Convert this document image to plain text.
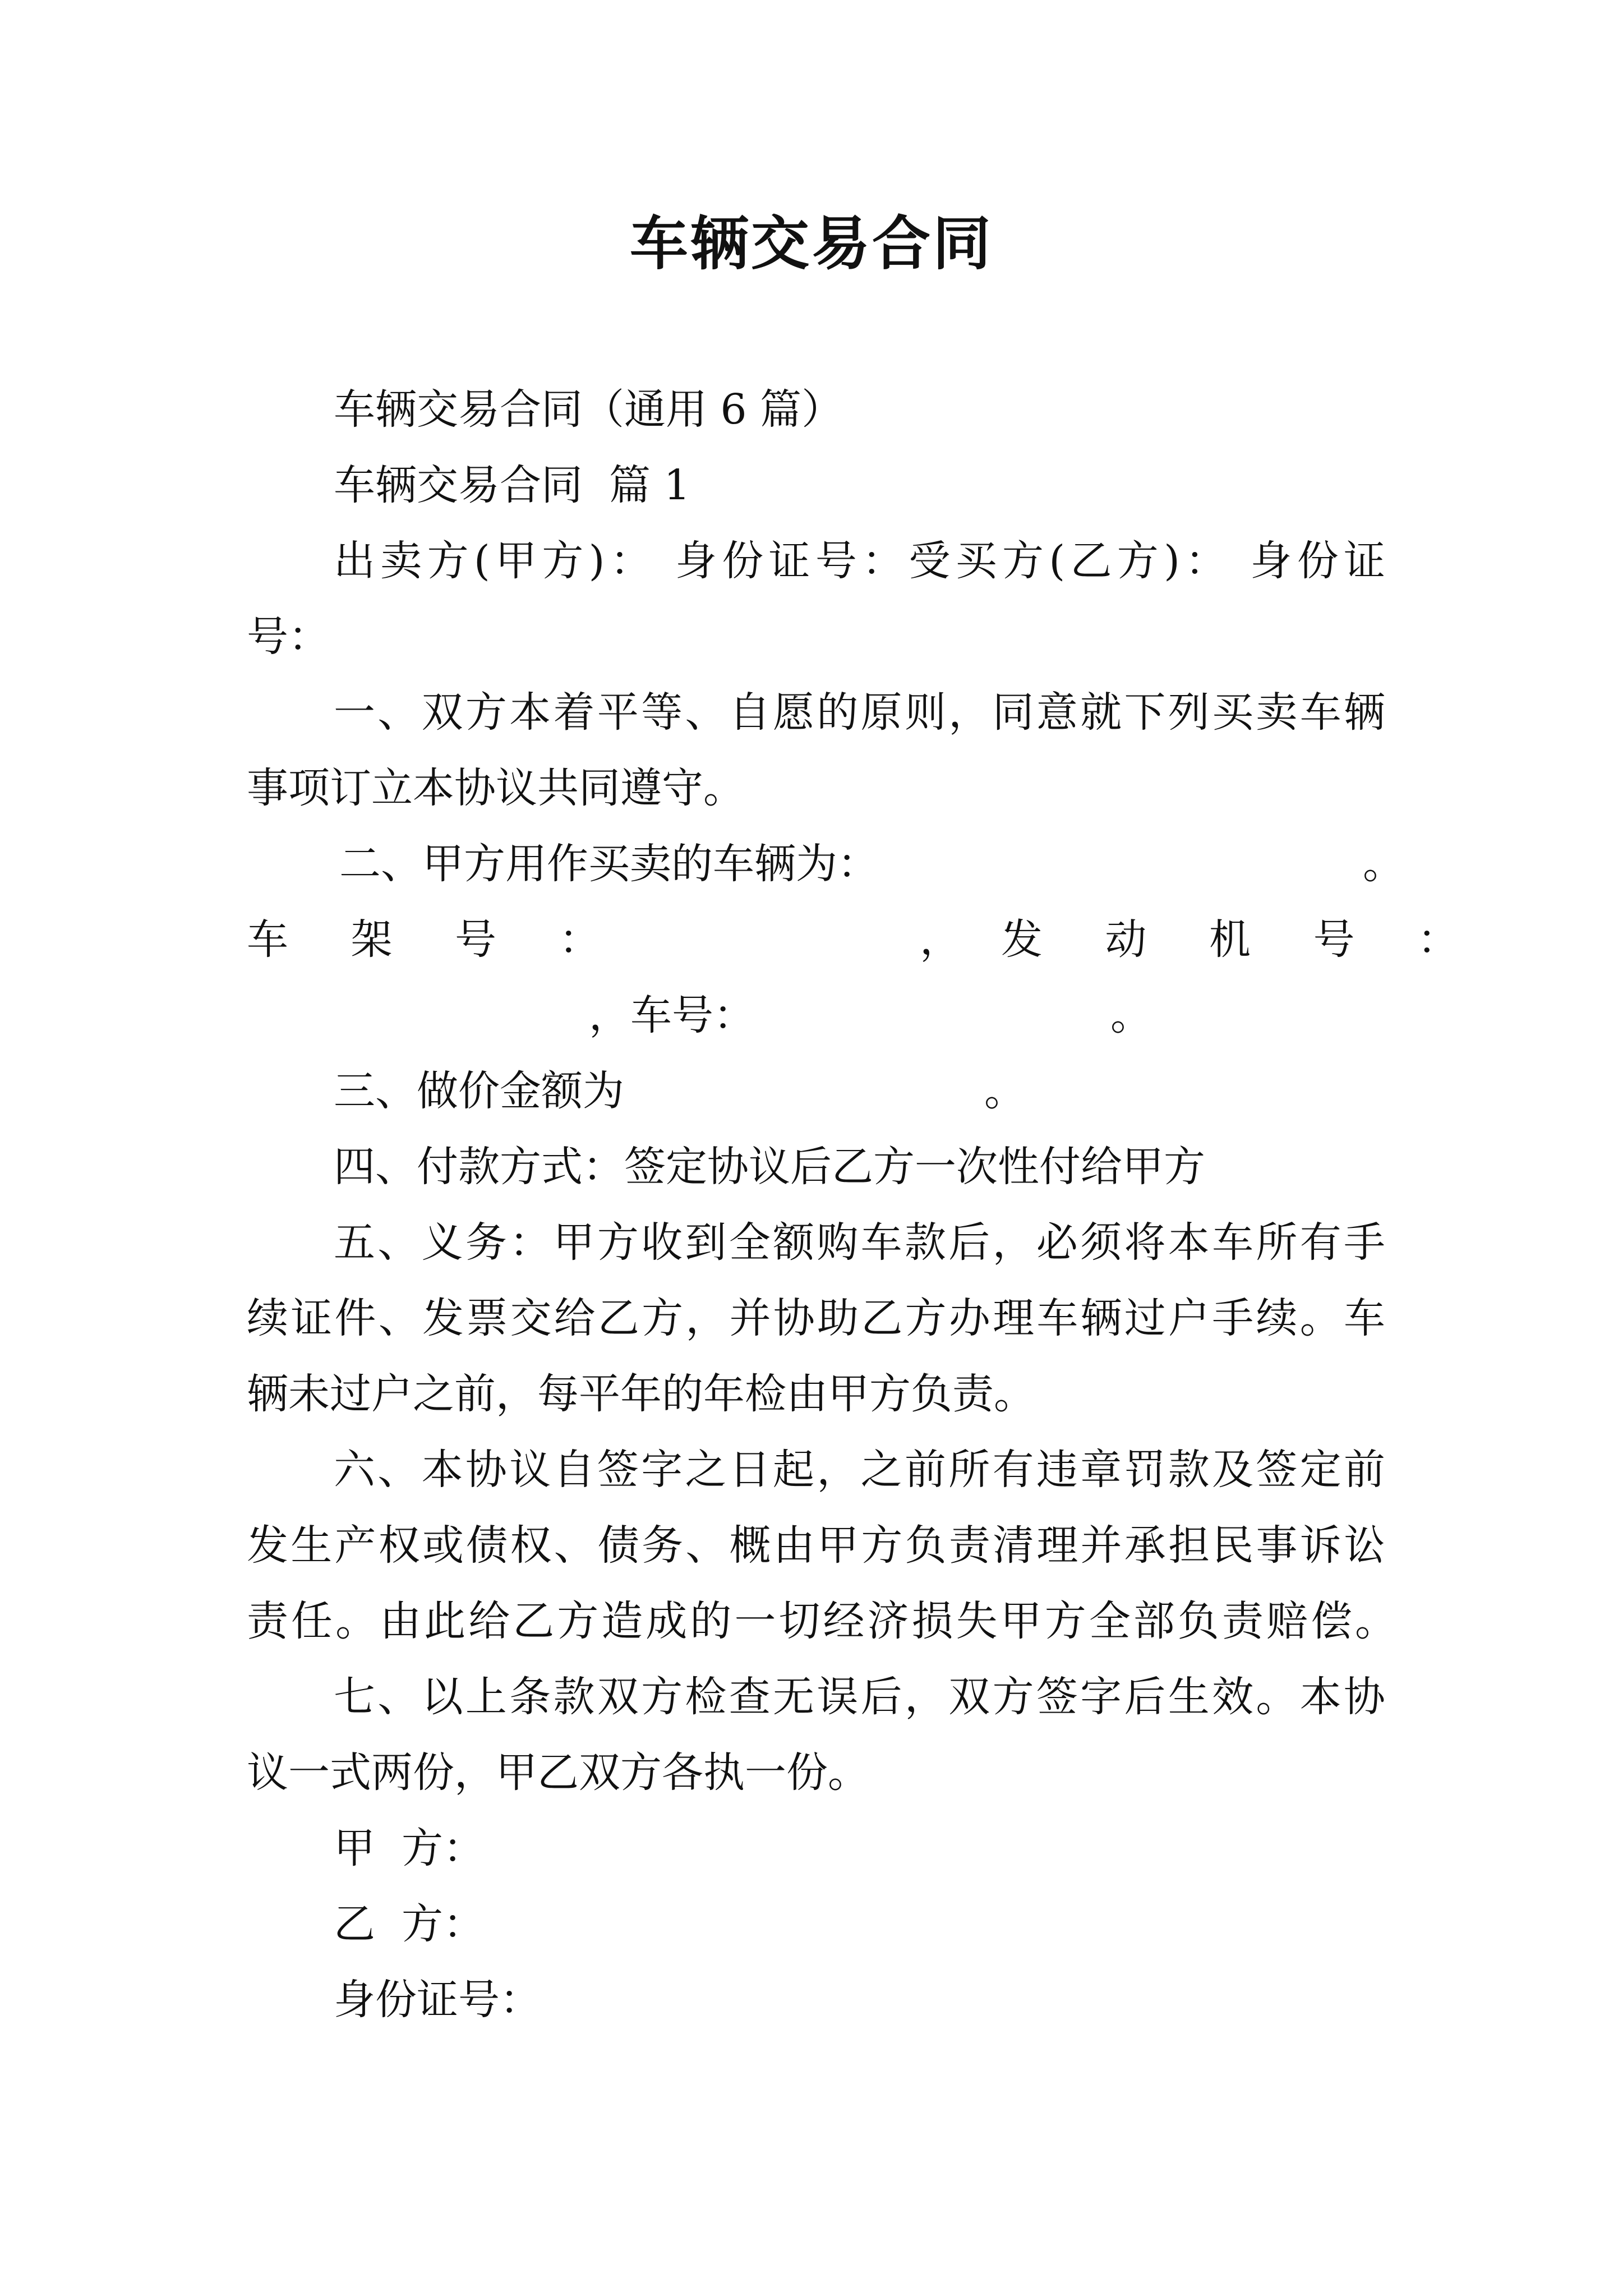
车辆交易合同

车辆交易合同（通用 6 篇）

车辆交易合同  篇 1

出卖方(甲方)： 身份证号：受买方(乙方)： 身份证

号：

一、双方本着平等、自愿的原则，同意就下列买卖车辆

事项订立本协议共同遵守。

二、甲方用作买卖的车辆为：	。

车 架 号 ：	， 发 动 机 号 ：

，车号：	。

三、做价金额为	。

四、付款方式：签定协议后乙方一次性付给甲方

五、义务：甲方收到全额购车款后，必须将本车所有手

续证件、发票交给乙方，并协助乙方办理车辆过户手续。车

辆未过户之前，每平年的年检由甲方负责。

六、本协议自签字之日起，之前所有违章罚款及签定前

发生产权或债权、债务、概由甲方负责清理并承担民事诉讼

责任。由此给乙方造成的一切经济损失甲方全部负责赔偿。

七、以上条款双方检查无误后，双方签字后生效。本协

议一式两份，甲乙双方各执一份。

甲  方：

乙  方：

身份证号：
